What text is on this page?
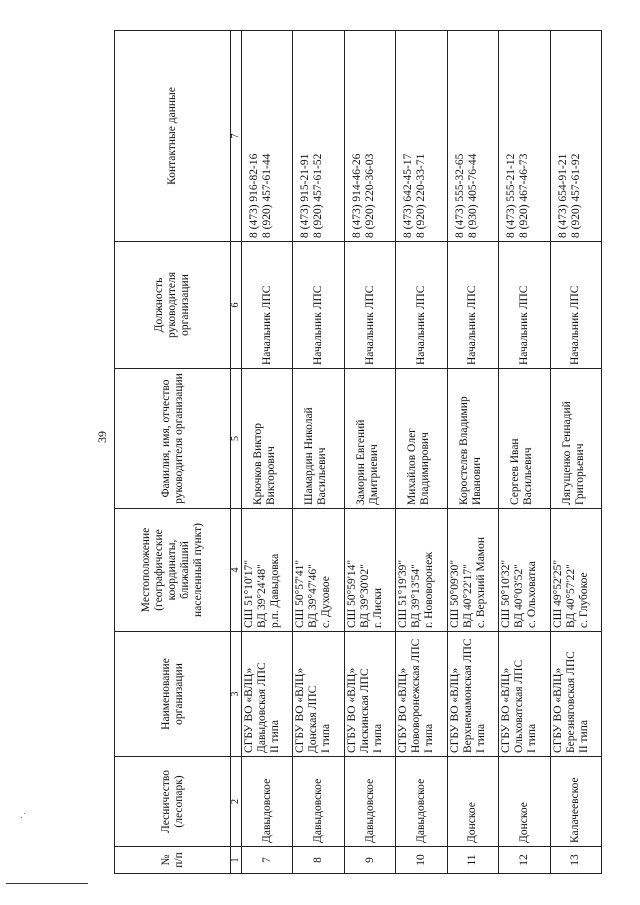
39
№ п/п	Лесничество (лесопарк)	Наименование организации	Местоположение (географические координаты, ближайший населенный пункт)	Фамилия, имя, отчество руководителя организации	Должность руководителя организации	Контактные данные
1	2	3	4	5	6	7
7	Давыдовское	СГБУ ВО «ВЛЦ» Давыдовская ЛПС II типа	СШ 51°10'17" ВД 39°24'48" р.п. Давыдовка	Крючков Виктор Викторович	Начальник ЛПС	8 (473) 916-82-16 8 (920) 457-61-44

8	Давыдовское	СГБУ ВО «ВЛЦ» Донская ЛПС I типа	СШ 50°57'41" ВД 39°47'46" с. Духовое	Шамардин Николай Васильевич	Начальник ЛПС	8 (473) 915-21-91 8 (920) 457-61-52

9	Давыдовское	СГБУ ВО «ВЛЦ» Лискинская ЛПС I типа	СШ 50°59'14" ВД 39°30'02" г. Лиски	Заморин Евгений Дмитриевич	Начальник ЛПС	8 (473) 914-46-26 8 (920) 220-36-03

10	Давыдовское	СГБУ ВО «ВЛЦ» Нововоронежская ЛПС I типа	СШ 51°19'39" ВД 39°13'54" г. Нововоронеж	Михайлов Олег Владимирович	Начальник ЛПС	8 (473) 642-45-17 8 (920) 220-33-71

11	Донское	СГБУ ВО «ВЛЦ» Верхнемамонская ЛПС I типа	СШ 50°09'30" ВД 40°22'17" с. Верхний Мамон	Коростелев Владимир Иванович	Начальник ЛПС	8 (473) 555-32-65 8 (930) 405-76-44

12	Донское	СГБУ ВО «ВЛЦ» Ольховатская ЛПС I типа	СШ 50°10'32" ВД 40°03'52" с. Ольховатка	Сергеев Иван Васильевич	Начальник ЛПС	8 (473) 555-21-12 8 (920) 467-46-73

13	Калачеевское	СГБУ ВО «ВЛЦ» Березняговская ЛПС II типа	СШ 49°52'25" ВД 40°57'22" с. Глубокое	Лягущенко Геннадий Григорьевич	Начальник ЛПС	8 (473) 654-91-21 8 (920) 457-61-92
